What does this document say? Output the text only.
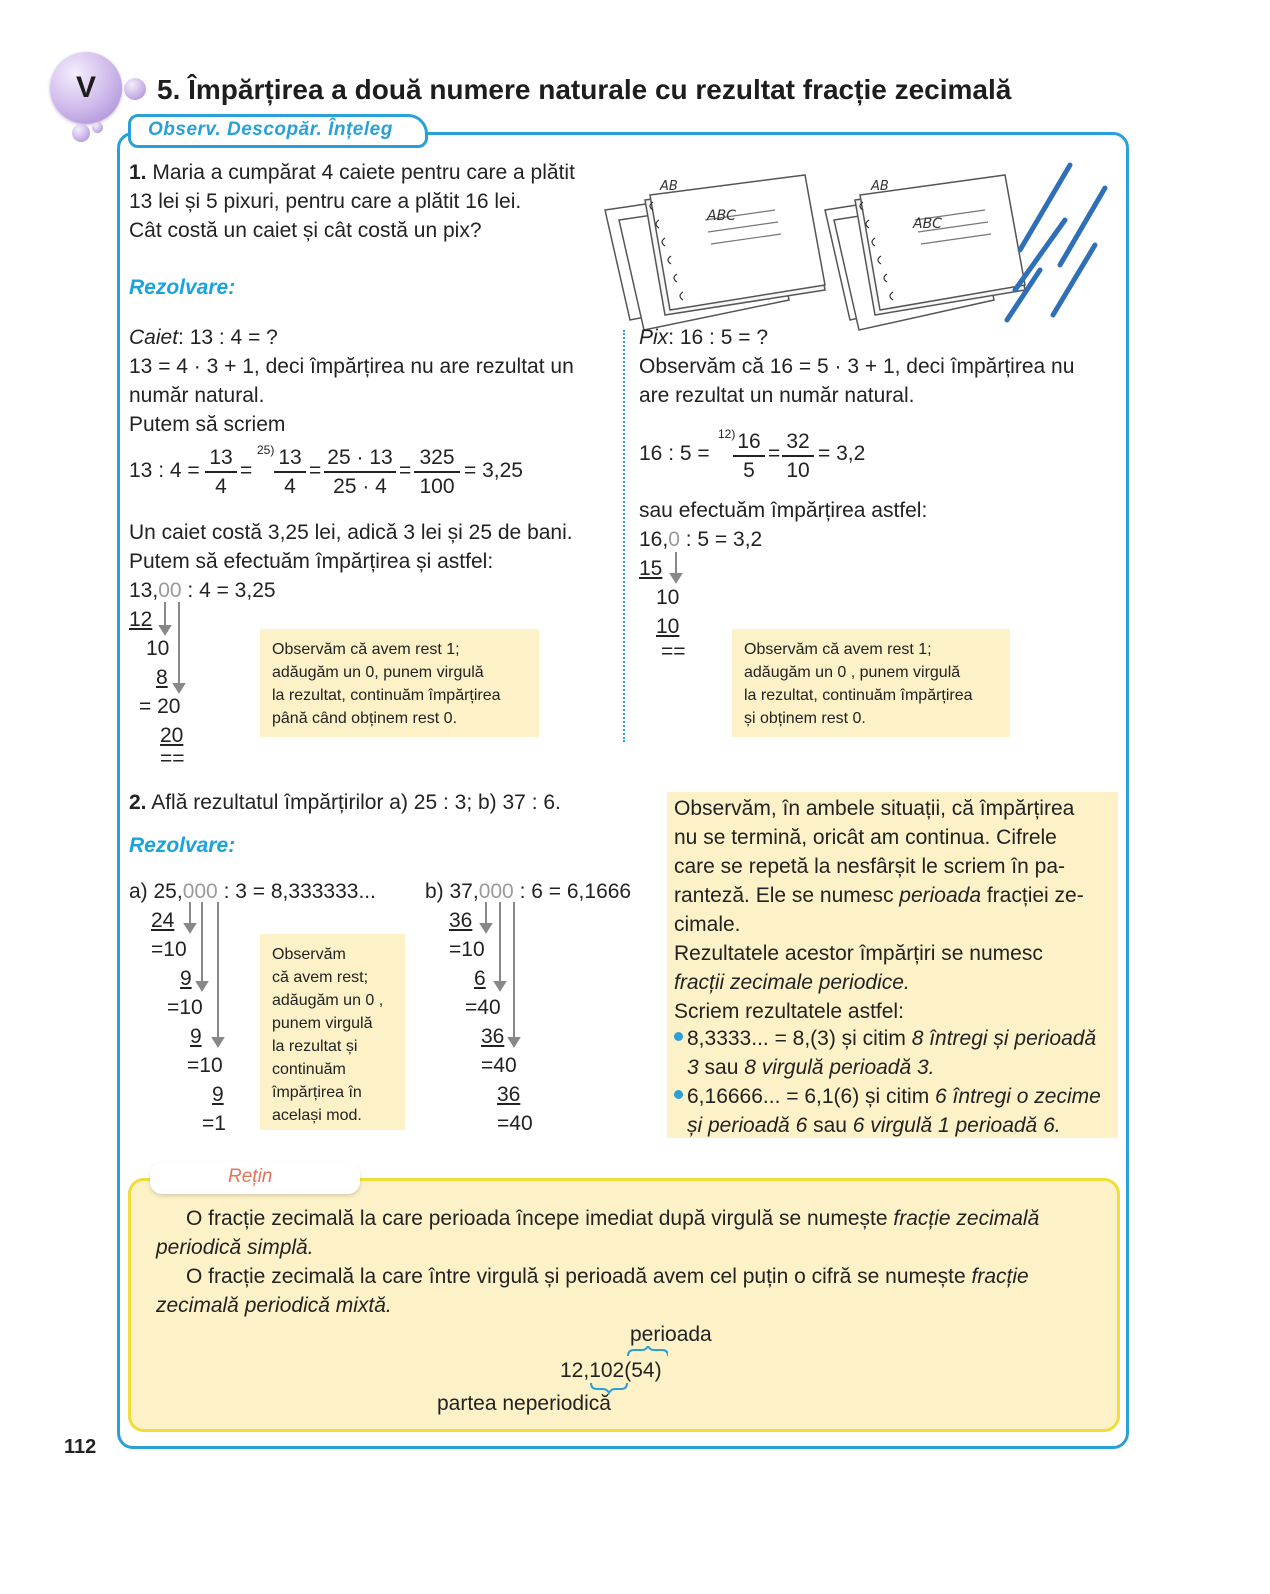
V	5. Împărțirea a două numere naturale cu rezultat fracție zecimală
Observ. Descopăr. Înțeleg
1. Maria a cumpărat 4 caiete pentru care a plătit
13 lei și 5 pixuri, pentru care a plătit 16 lei.
Cât costă un caiet și cât costă un pix?
Rezolvare:
ABC
AB
ABC
AB
Caiet: 13 : 4 = ?
13 = 4 · 3 + 1, deci împărțirea nu are rezultat un
număr natural.
Putem să scriem
13 : $4 = \frac{13}{4}$ =
$25) \frac{13}{4} = \frac{25 \cdot 13}{25 \cdot 4} = \frac{325}{100} = 3,25$
Un caiet costă 3,25 lei, adică 3 lei și 25 de bani.
Putem să efectuăm împărțirea și astfel:
13,00 : 4 = 3,25
12
10
8
= 20
20
==
Observăm că avem rest 1;
adăugăm un 0, punem virgulă
la rezultat, continuăm împărțirea
până când obținem rest 0.
Pix: 16 : 5 = ?
Observăm că 16 = 5 · 3 + 1, deci împărțirea nu
are rezultat un număr natural.
16 : 5 =
12)
$\frac{16}{5} = \frac{32}{10} = 3,2$
sau efectuăm împărțirea astfel:
16,0 : 5 = 3,2
15
10
10
==	Observăm că avem rest 1;
adăugăm un 0 , punem virgulă
la rezultat, continuăm împărțirea
și obținem rest 0.
2. Află rezultatul împărțirilor a) 25 : 3; b) 37 : 6.
Rezolvare:
a) 25,000 : 3 = 8,333333...
24
=10
9
=10
9
=10
9
=1
Observăm
că avem rest;
adăugăm un 0 ,
punem virgulă
la rezultat și
continuăm
împărțirea în
același mod.
b) 37,000 : 6 = 6,1666
36
=10
6
=40
36
=40
36
=40
Observăm, în ambele situații, că împărțirea
nu se termină, oricât am continua. Cifrele
care se repetă la nesfârșit le scriem în pa-
ranteză. Ele se numesc perioada fracției ze-
cimale.
Rezultatele acestor împărțiri se numesc
fracții zecimale periodice.
Scriem rezultatele astfel:
8,3333... = 8,(3) și citim 8 întregi și perioadă
3 sau 8 virgulă perioadă 3.
6,16666... = 6,1(6) și citim 6 întregi o zecime
și perioadă 6 sau 6 virgulă 1 perioadă 6.
Rețin
O fracție zecimală la care perioada începe imediat după virgulă se numește fracție zecimală
periodică simplă.
O fracție zecimală la care între virgulă și perioadă avem cel puțin o cifră se numește fracție
zecimală periodică mixtă.
perioada
12,102(54)
partea neperiodică
112
